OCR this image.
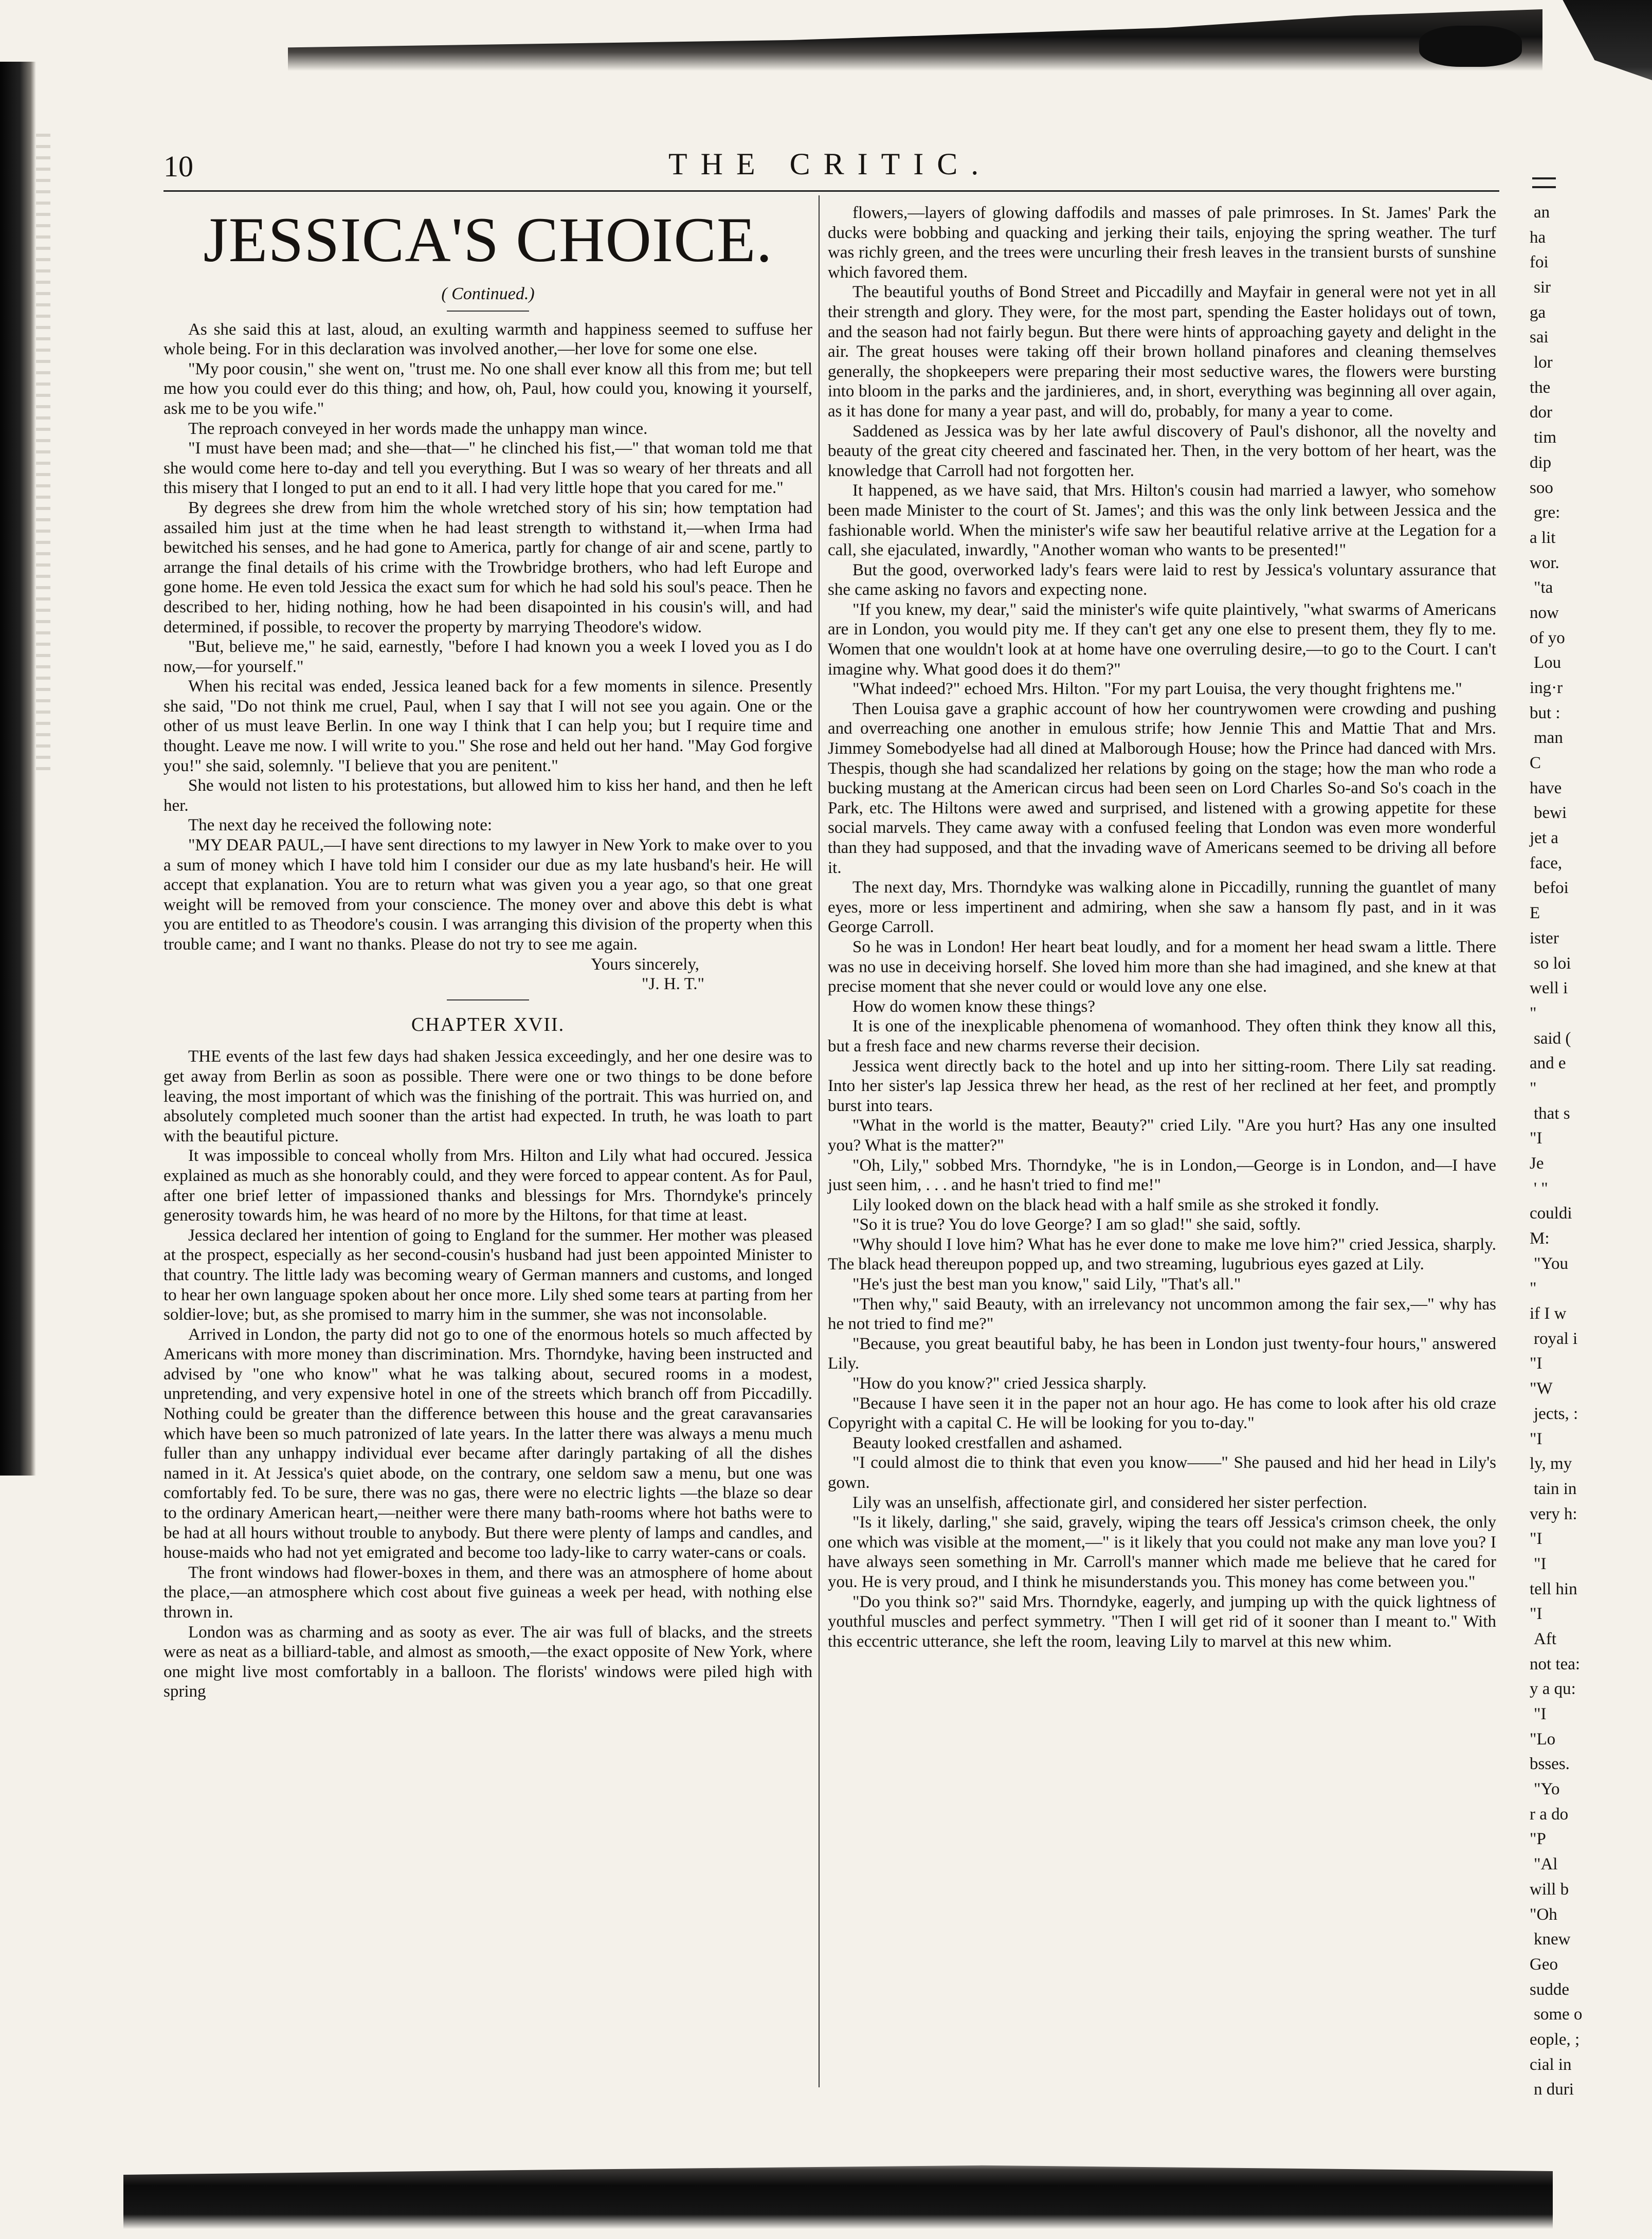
10	THE CRITIC.
JESSICA'S CHOICE.
( Continued.)

As she said this at last, aloud, an exulting warmth and happiness seemed to suffuse her whole being. For in this declaration was involved another,—her love for some one else.

"My poor cousin," she went on, "trust me. No one shall ever know all this from me; but tell me how you could ever do this thing; and how, oh, Paul, how could you, knowing it yourself, ask me to be you wife."

The reproach conveyed in her words made the unhappy man wince.

"I must have been mad; and she—that—" he clinched his fist,—" that woman told me that she would come here to-day and tell you everything. But I was so weary of her threats and all this misery that I longed to put an end to it all. I had very little hope that you cared for me."

By degrees she drew from him the whole wretched story of his sin; how temptation had assailed him just at the time when he had least strength to withstand it,—when Irma had bewitched his senses, and he had gone to America, partly for change of air and scene, partly to arrange the final details of his crime with the Trowbridge brothers, who had left Europe and gone home. He even told Jessica the exact sum for which he had sold his soul's peace. Then he described to her, hiding nothing, how he had been disapointed in his cousin's will, and had determined, if possible, to recover the property by marrying Theodore's widow.

"But, believe me," he said, earnestly, "before I had known you a week I loved you as I do now,—for yourself."

When his recital was ended, Jessica leaned back for a few moments in silence. Presently she said, "Do not think me cruel, Paul, when I say that I will not see you again. One or the other of us must leave Berlin. In one way I think that I can help you; but I require time and thought. Leave me now. I will write to you." She rose and held out her hand. "May God forgive you!" she said, solemnly. "I believe that you are penitent."

She would not listen to his protestations, but allowed him to kiss her hand, and then he left her.

The next day he received the following note:

"MY DEAR PAUL,—I have sent directions to my lawyer in New York to make over to you a sum of money which I have told him I consider our due as my late husband's heir. He will accept that explanation. You are to return what was given you a year ago, so that one great weight will be removed from your conscience. The money over and above this debt is what you are entitled to as Theodore's cousin. I was arranging this division of the property when this trouble came; and I want no thanks. Please do not try to see me again.

Yours sincerely,
"J. H. T."
CHAPTER XVII.

THE events of the last few days had shaken Jessica exceedingly, and her one desire was to get away from Berlin as soon as possible. There were one or two things to be done before leaving, the most important of which was the finishing of the portrait. This was hurried on, and absolutely completed much sooner than the artist had expected. In truth, he was loath to part with the beautiful picture.

It was impossible to conceal wholly from Mrs. Hilton and Lily what had occured. Jessica explained as much as she honorably could, and they were forced to appear content. As for Paul, after one brief letter of impassioned thanks and blessings for Mrs. Thorndyke's princely generosity towards him, he was heard of no more by the Hiltons, for that time at least.

Jessica declared her intention of going to England for the summer. Her mother was pleased at the prospect, especially as her second-cousin's husband had just been appointed Minister to that country. The little lady was becoming weary of German manners and customs, and longed to hear her own language spoken about her once more. Lily shed some tears at parting from her soldier-love; but, as she promised to marry him in the summer, she was not inconsolable.

Arrived in London, the party did not go to one of the enormous hotels so much affected by Americans with more money than discrimination. Mrs. Thorndyke, having been instructed and advised by "one who know" what he was talking about, secured rooms in a modest, unpretending, and very expensive hotel in one of the streets which branch off from Piccadilly. Nothing could be greater than the difference between this house and the great caravansaries which have been so much patronized of late years. In the latter there was always a menu much fuller than any unhappy individual ever became after daringly partaking of all the dishes named in it. At Jessica's quiet abode, on the contrary, one seldom saw a menu, but one was comfortably fed. To be sure, there was no gas, there were no electric lights —the blaze so dear to the ordinary American heart,—neither were there many bath-rooms where hot baths were to be had at all hours without trouble to anybody. But there were plenty of lamps and candles, and house-maids who had not yet emigrated and become too lady-like to carry water-cans or coals.

The front windows had flower-boxes in them, and there was an atmosphere of home about the place,—an atmosphere which cost about five guineas a week per head, with nothing else thrown in.

London was as charming and as sooty as ever. The air was full of blacks, and the streets were as neat as a billiard-table, and almost as smooth,—the exact opposite of New York, where one might live most comfortably in a balloon. The florists' windows were piled high with spring

flowers,—layers of glowing daffodils and masses of pale primroses. In St. James' Park the ducks were bobbing and quacking and jerking their tails, enjoying the spring weather. The turf was richly green, and the trees were uncurling their fresh leaves in the transient bursts of sunshine which favored them.

The beautiful youths of Bond Street and Piccadilly and Mayfair in general were not yet in all their strength and glory. They were, for the most part, spending the Easter holidays out of town, and the season had not fairly begun. But there were hints of approaching gayety and delight in the air. The great houses were taking off their brown holland pinafores and cleaning themselves generally, the shopkeepers were preparing their most seductive wares, the flowers were bursting into bloom in the parks and the jardinieres, and, in short, everything was beginning all over again, as it has done for many a year past, and will do, probably, for many a year to come.

Saddened as Jessica was by her late awful discovery of Paul's dishonor, all the novelty and beauty of the great city cheered and fascinated her. Then, in the very bottom of her heart, was the knowledge that Carroll had not forgotten her.

It happened, as we have said, that Mrs. Hilton's cousin had married a lawyer, who somehow been made Minister to the court of St. James'; and this was the only link between Jessica and the fashionable world. When the minister's wife saw her beautiful relative arrive at the Legation for a call, she ejaculated, inwardly, "Another woman who wants to be presented!"

But the good, overworked lady's fears were laid to rest by Jessica's voluntary assurance that she came asking no favors and expecting none.

"If you knew, my dear," said the minister's wife quite plaintively, "what swarms of Americans are in London, you would pity me. If they can't get any one else to present them, they fly to me. Women that one wouldn't look at at home have one overruling desire,—to go to the Court. I can't imagine why. What good does it do them?"

"What indeed?" echoed Mrs. Hilton. "For my part Louisa, the very thought frightens me."

Then Louisa gave a graphic account of how her countrywomen were crowding and pushing and overreaching one another in emulous strife; how Jennie This and Mattie That and Mrs. Jimmey Somebodyelse had all dined at Malborough House; how the Prince had danced with Mrs. Thespis, though she had scandalized her relations by going on the stage; how the man who rode a bucking mustang at the American circus had been seen on Lord Charles So-and So's coach in the Park, etc. The Hiltons were awed and surprised, and listened with a growing appetite for these social marvels. They came away with a confused feeling that London was even more wonderful than they had supposed, and that the invading wave of Americans seemed to be driving all before it.

The next day, Mrs. Thorndyke was walking alone in Piccadilly, running the guantlet of many eyes, more or less impertinent and admiring, when she saw a hansom fly past, and in it was George Carroll.

So he was in London! Her heart beat loudly, and for a moment her head swam a little. There was no use in deceiving horself. She loved him more than she had imagined, and she knew at that precise moment that she never could or would love any one else.

How do women know these things?

It is one of the inexplicable phenomena of womanhood. They often think they know all this, but a fresh face and new charms reverse their decision.

Jessica went directly back to the hotel and up into her sitting-room. There Lily sat reading. Into her sister's lap Jessica threw her head, as the rest of her reclined at her feet, and promptly burst into tears.

"What in the world is the matter, Beauty?" cried Lily. "Are you hurt? Has any one insulted you? What is the matter?"

"Oh, Lily," sobbed Mrs. Thorndyke, "he is in London,—George is in London, and—I have just seen him, . . . and he hasn't tried to find me!"

Lily looked down on the black head with a half smile as she stroked it fondly.

"So it is true? You do love George? I am so glad!" she said, softly.

"Why should I love him? What has he ever done to make me love him?" cried Jessica, sharply. The black head thereupon popped up, and two streaming, lugubrious eyes gazed at Lily.

"He's just the best man you know," said Lily, "That's all."

"Then why," said Beauty, with an irrelevancy not uncommon among the fair sex,—" why has he not tried to find me?"

"Because, you great beautiful baby, he has been in London just twenty-four hours," answered Lily.

"How do you know?" cried Jessica sharply.

"Because I have seen it in the paper not an hour ago. He has come to look after his old craze Copyright with a capital C. He will be looking for you to-day."

Beauty looked crestfallen and ashamed.

"I could almost die to think that even you know——" She paused and hid her head in Lily's gown.

Lily was an unselfish, affectionate girl, and considered her sister perfection.

"Is it likely, darling," she said, gravely, wiping the tears off Jessica's crimson cheek, the only one which was visible at the moment,—" is it likely that you could not make any man love you? I have always seen something in Mr. Carroll's manner which made me believe that he cared for you. He is very proud, and I think he misunderstands you. This money has come between you."

"Do you think so?" said Mrs. Thorndyke, eagerly, and jumping up with the quick lightness of youthful muscles and perfect symmetry. "Then I will get rid of it sooner than I meant to." With this eccentric utterance, she left the room, leaving Lily to marvel at this new whim.

an
ha
foi
sir
ga
sai
lor
the
dor
tim
dip
soo
gre:
a lit
wor.
"ta
now
of yo
Lou
ing·r
but :
man
C
have
bewi
jet a
face,
befoi
E
ister
so loi
well i
"
said (
and e
"
that s
"I
Je
' "
couldi
M:
"You
"
if I w
royal i
"I
"W
jects, :
"I
ly, my
tain in
very h:
"I
"I
tell hin
"I
Aft
not tea:
y a qu:
"I
"Lo
bsses.
"Yo
r a do
"P
"Al
will b
"Oh
knew
Geo
sudde
some o
eople, ;
cial in
n duri
